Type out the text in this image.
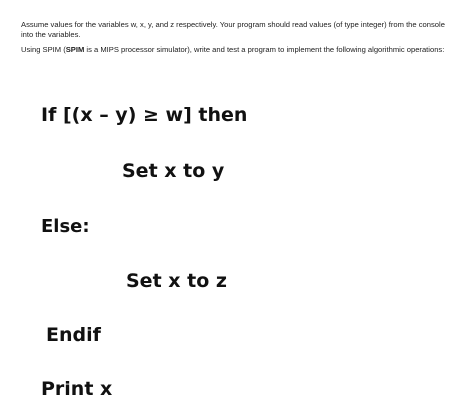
Assume values for the variables w, x, y, and z respectively. Your program should read values (of type integer) from the console into the variables.

Using SPIM (SPIM is a MIPS processor simulator), write and test a program to implement the following algorithmic operations:

If [(x – y) ≥ w] then
Set x to y
Else:
Set x to z
Endif
Print x
